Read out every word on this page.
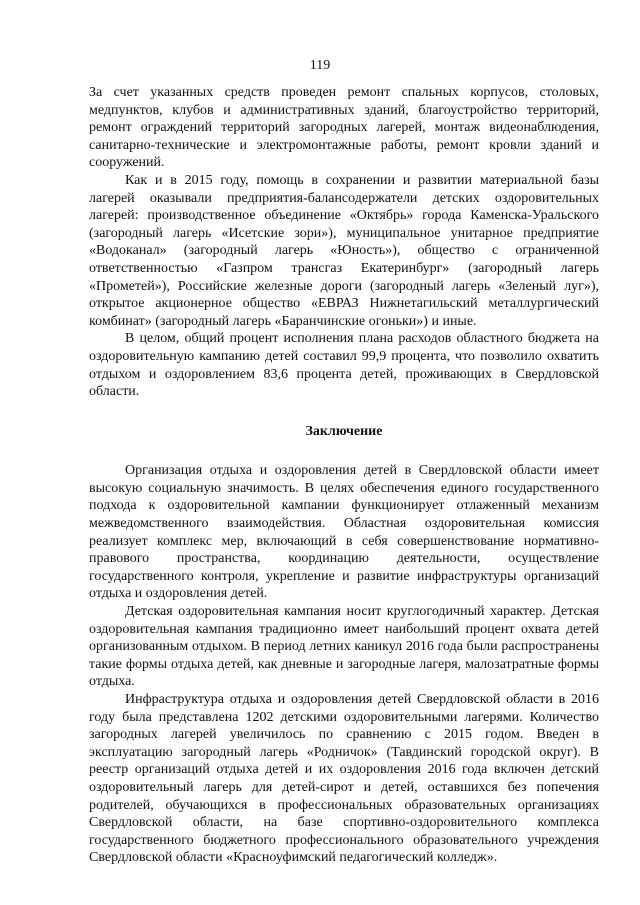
119

За счет указанных средств проведен ремонт спальных корпусов, столовых, медпунктов, клубов и административных зданий, благоустройство территорий, ремонт ограждений территорий загородных лагерей, монтаж видеонаблюдения, санитарно-технические и электромонтажные работы, ремонт кровли зданий и сооружений.

Как и в 2015 году, помощь в сохранении и развитии материальной базы лагерей оказывали предприятия-балансодержатели детских оздоровительных лагерей: производственное объединение «Октябрь» города Каменска-Уральского (загородный лагерь «Исетские зори»), муниципальное унитарное предприятие «Водоканал» (загородный лагерь «Юность»), общество с ограниченной ответственностью «Газпром трансгаз Екатеринбург» (загородный лагерь «Прометей»), Российские железные дороги (загородный лагерь «Зеленый луг»), открытое акционерное общество «ЕВРАЗ Нижнетагильский металлургический комбинат» (загородный лагерь «Баранчинские огоньки») и иные.

В целом, общий процент исполнения плана расходов областного бюджета на оздоровительную кампанию детей составил 99,9 процента, что позволило охватить отдыхом и оздоровлением 83,6 процента детей, проживающих в Свердловской области.

Заключение

Организация отдыха и оздоровления детей в Свердловской области имеет высокую социальную значимость. В целях обеспечения единого государственного подхода к оздоровительной кампании функционирует отлаженный механизм межведомственного взаимодействия. Областная оздоровительная комиссия реализует комплекс мер, включающий в себя совершенствование нормативно-правового пространства, координацию деятельности, осуществление государственного контроля, укрепление и развитие инфраструктуры организаций отдыха и оздоровления детей.

Детская оздоровительная кампания носит круглогодичный характер. Детская оздоровительная кампания традиционно имеет наибольший процент охвата детей организованным отдыхом. В период летних каникул 2016 года были распространены такие формы отдыха детей, как дневные и загородные лагеря, малозатратные формы отдыха.

Инфраструктура отдыха и оздоровления детей Свердловской области в 2016 году была представлена 1202 детскими оздоровительными лагерями. Количество загородных лагерей увеличилось по сравнению с 2015 годом. Введен в эксплуатацию загородный лагерь «Родничок» (Тавдинский городской округ). В реестр организаций отдыха детей и их оздоровления 2016 года включен детский оздоровительный лагерь для детей-сирот и детей, оставшихся без попечения родителей, обучающихся в профессиональных образовательных организациях Свердловской области, на базе спортивно-оздоровительного комплекса государственного бюджетного профессионального образовательного учреждения Свердловской области «Красноуфимский педагогический колледж».
